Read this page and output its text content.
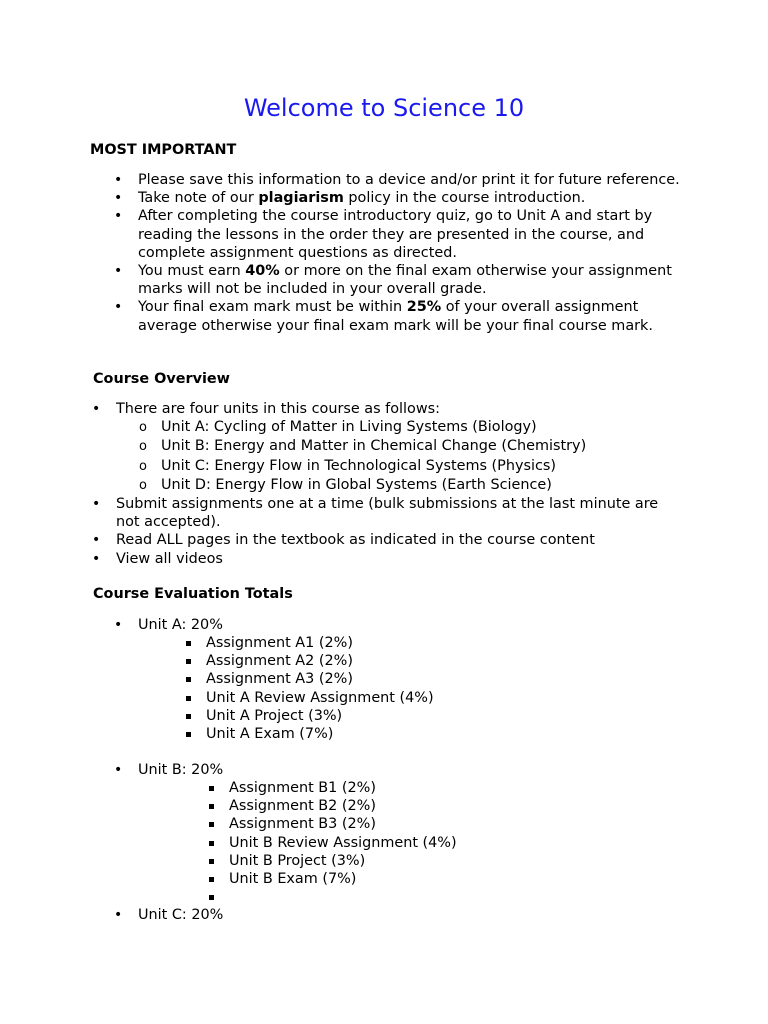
Welcome to Science 10
MOST IMPORTANT
• Please save this information to a device and/or print it for future reference.
• Take note of our plagiarism policy in the course introduction.
• After completing the course introductory quiz, go to Unit A and start by reading the lessons in the order they are presented in the course, and complete assignment questions as directed.
• You must earn 40% or more on the final exam otherwise your assignment marks will not be included in your overall grade.
• Your final exam mark must be within 25% of your overall assignment average otherwise your final exam mark will be your final course mark.
Course Overview
• There are four units in this course as follows:
o Unit A: Cycling of Matter in Living Systems (Biology)
o Unit B: Energy and Matter in Chemical Change (Chemistry)
o Unit C: Energy Flow in Technological Systems (Physics)
o Unit D: Energy Flow in Global Systems (Earth Science)
• Submit assignments one at a time (bulk submissions at the last minute are not accepted).
• Read ALL pages in the textbook as indicated in the course content
• View all videos
Course Evaluation Totals
• Unit A: 20%
Assignment A1 (2%)
Assignment A2 (2%)
Assignment A3 (2%)
Unit A Review Assignment (4%)
Unit A Project (3%)
Unit A Exam (7%)
• Unit B: 20%
Assignment B1 (2%)
Assignment B2 (2%)
Assignment B3 (2%)
Unit B Review Assignment (4%)
Unit B Project (3%)
Unit B Exam (7%)
• Unit C: 20%
